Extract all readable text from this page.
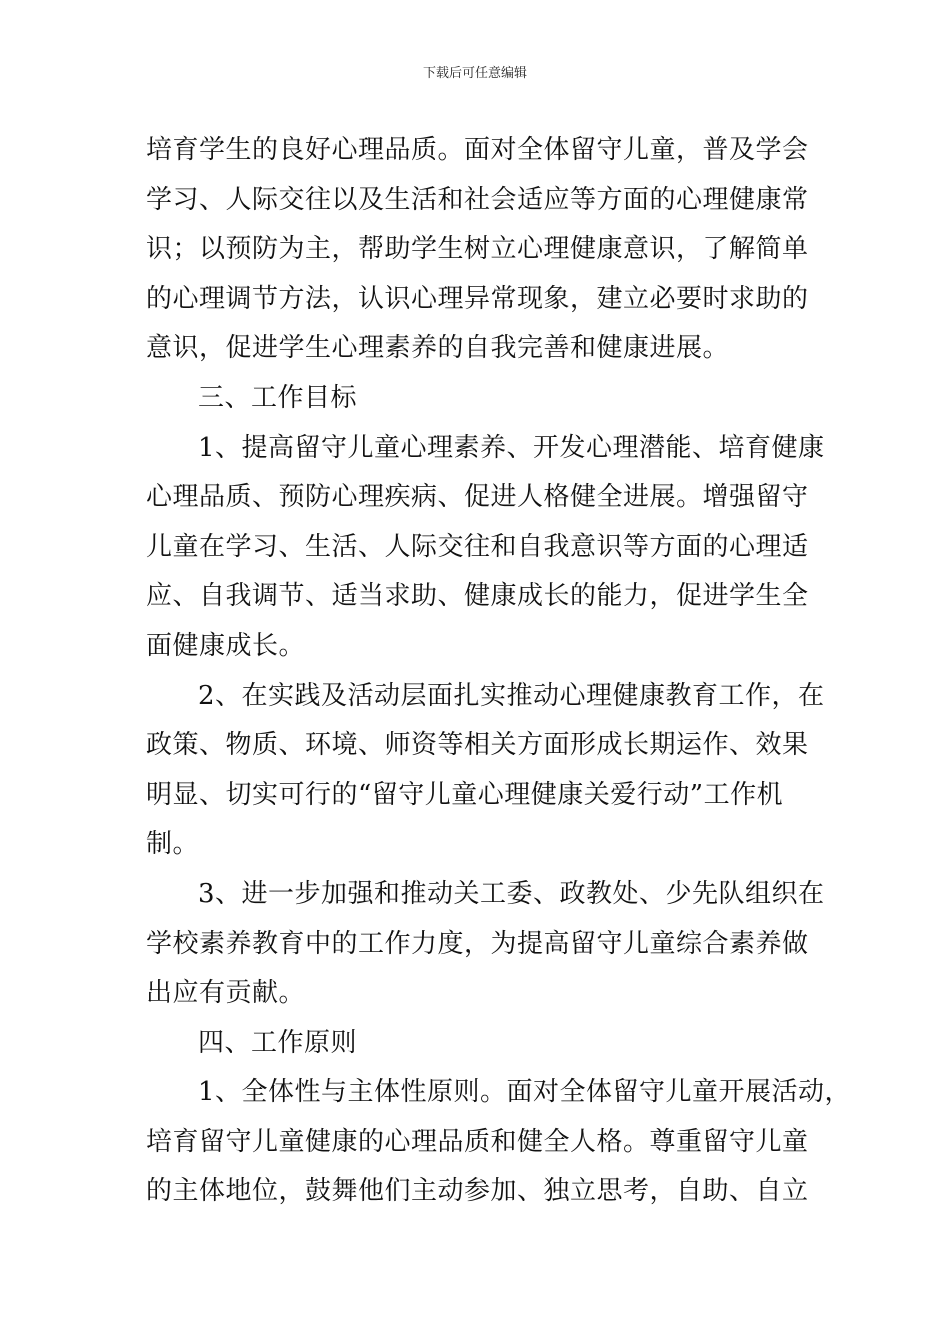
下载后可任意编辑
培育学生的良好心理品质。面对全体留守儿童，普及学会
学习、人际交往以及生活和社会适应等方面的心理健康常
识；以预防为主，帮助学生树立心理健康意识，了解简单
的心理调节方法，认识心理异常现象，建立必要时求助的
意识，促进学生心理素养的自我完善和健康进展。
三、工作目标
1、提高留守儿童心理素养、开发心理潜能、培育健康
心理品质、预防心理疾病、促进人格健全进展。增强留守
儿童在学习、生活、人际交往和自我意识等方面的心理适
应、自我调节、适当求助、健康成长的能力，促进学生全
面健康成长。
2、在实践及活动层面扎实推动心理健康教育工作，在
政策、物质、环境、师资等相关方面形成长期运作、效果
明显、切实可行的“留守儿童心理健康关爱行动”工作机
制。
3、进一步加强和推动关工委、政教处、少先队组织在
学校素养教育中的工作力度，为提高留守儿童综合素养做
出应有贡献。
四、工作原则
1、全体性与主体性原则。面对全体留守儿童开展活动，
培育留守儿童健康的心理品质和健全人格。尊重留守儿童
的主体地位，鼓舞他们主动参加、独立思考，自助、自立
